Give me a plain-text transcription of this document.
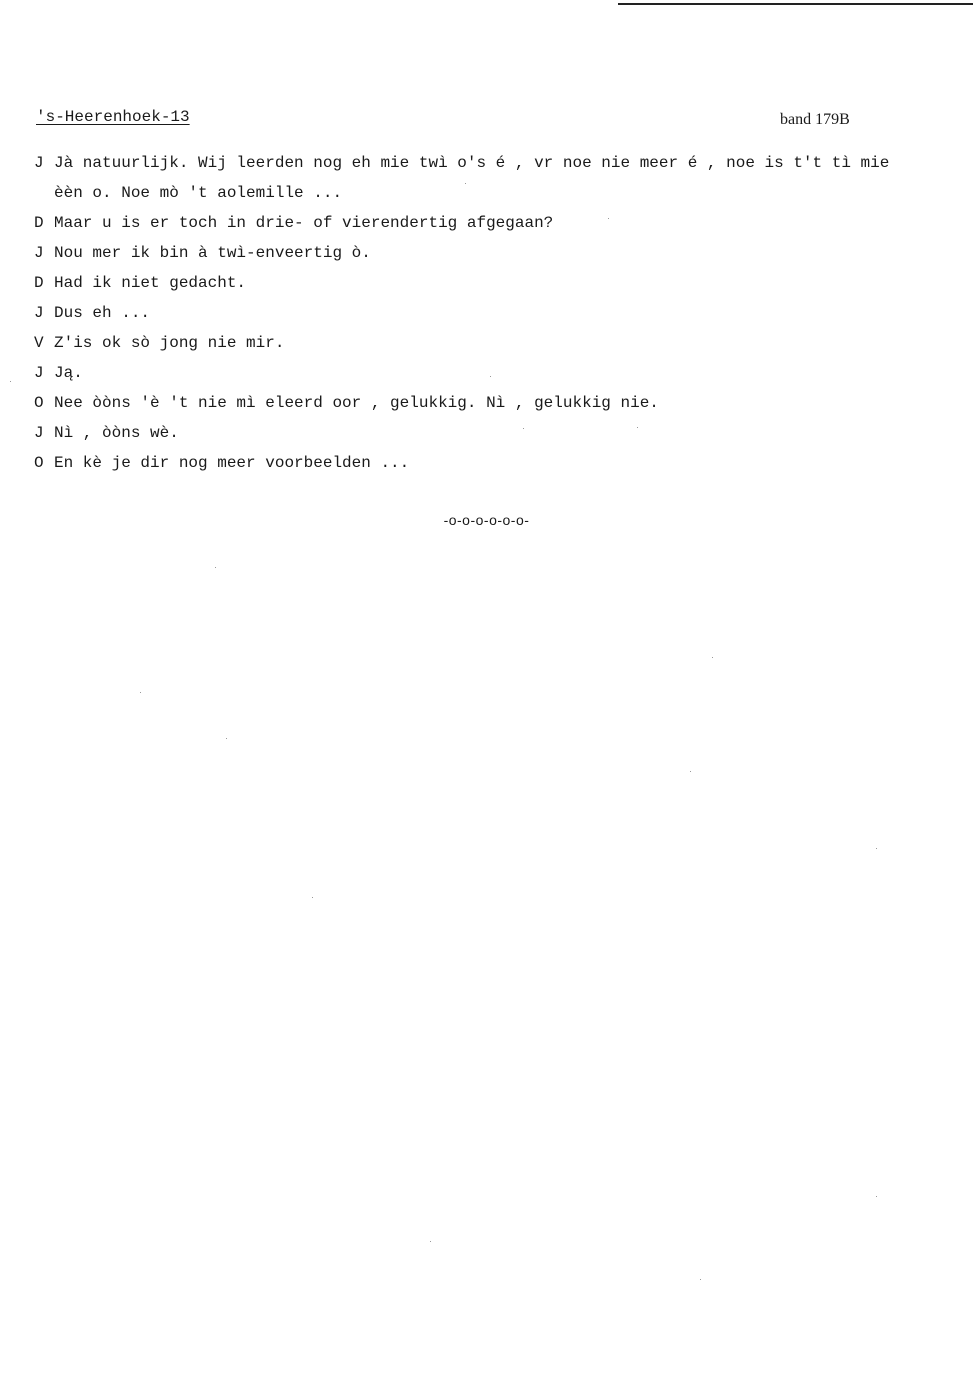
's-Heerenhoek-13	band 179B
J Jà natuurlijk. Wij leerden nog eh mie twì o's é , vr noe nie meer é , noe is t't tì mie
èèn o. Noe mò 't aolemille ...
D Maar u is er toch in drie- of vierendertig afgegaan?
J Nou mer ik bin à twì-enveertig ò.
D Had ik niet gedacht.
J Dus eh ...
V Z'is ok sò jong nie mir.
J Ją.
O Nee òòns 'è 't nie mì eleerd oor , gelukkig. Nì , gelukkig nie.
J Nì , òòns wè.
O En kè je dir nog meer voorbeelden ...
-o-o-o-o-o-o-
